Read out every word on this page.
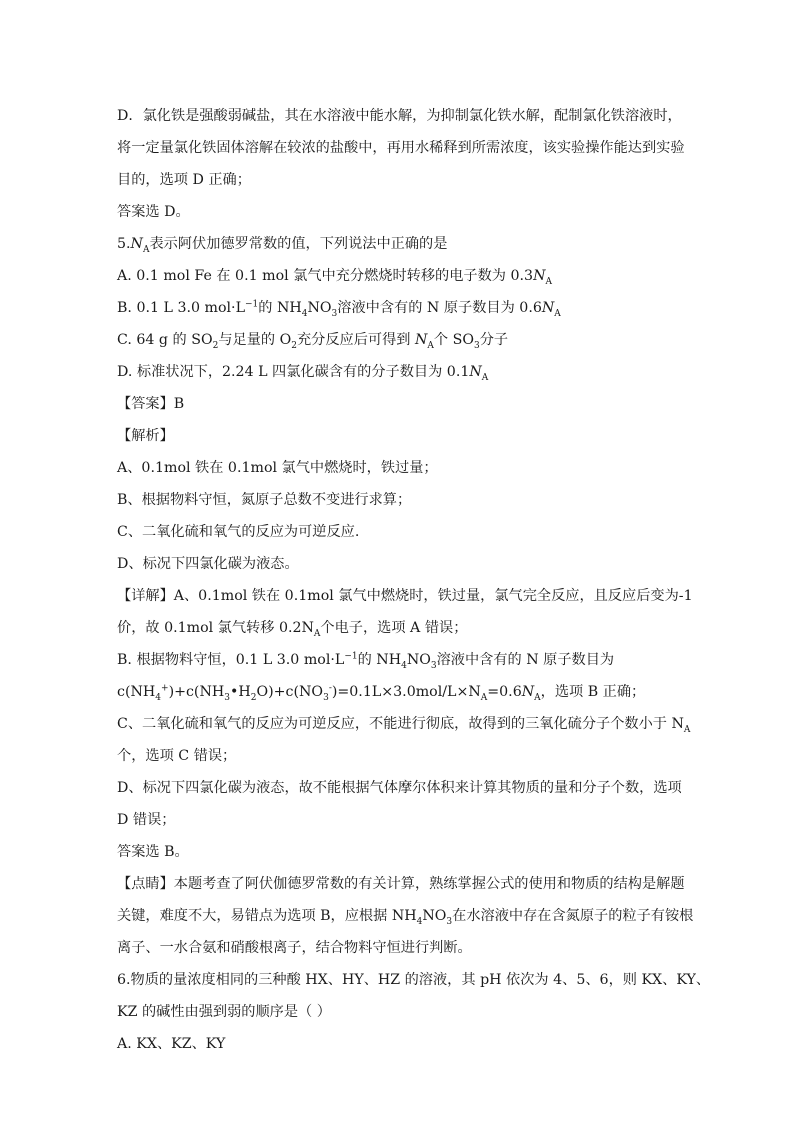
D．氯化铁是强酸弱碱盐，其在水溶液中能水解，为抑制氯化铁水解，配制氯化铁溶液时，
将一定量氯化铁固体溶解在较浓的盐酸中，再用水稀释到所需浓度，该实验操作能达到实验
目的，选项 D 正确；
答案选 D。
$5.N_A$表示阿伏加德罗常数的值，下列说法中正确的是
A. 0.1 mol Fe 在 0.1 mol 氯气中充分燃烧时转移的电子数为 $0.3N_A$
B. 0.1 L 3.0 $mol\cdot L^{-1}$的 $NH_4NO_3$溶液中含有的 N 原子数目为 $0.6N_A$
C. 64 g 的 $SO_2$与足量的 $O_2$充分反应后可得到 $N_A$个 $SO_3$分子
D. 标准状况下，2.24 L 四氯化碳含有的分子数目为 $0.1N_A$
【答案】B
【解析】
A、0.1mol 铁在 0.1mol 氯气中燃烧时，铁过量；
B、根据物料守恒，氮原子总数不变进行求算；
C、二氧化硫和氧气的反应为可逆反应.
D、标况下四氯化碳为液态。
【详解】A、0.1mol 铁在 0.1mol 氯气中燃烧时，铁过量，氯气完全反应，且反应后变为-1
价，故 0.1mol 氯气转移 $0.2N_A$个电子，选项 A 错误；
B. 根据物料守恒，0.1 L 3.0 $mol\cdot L^{-1}$的 $NH_4NO_3$溶液中含有的 N 原子数目为
$c(NH_4^+)+c(NH_3•H_2O)+c(NO_3^-)=0.1L\times 3.0mol/L\times N_A=0.6N_A$，选项 B 正确；
C、二氧化硫和氧气的反应为可逆反应，不能进行彻底，故得到的三氧化硫分子个数小于 $N_A$
个，选项 C 错误；
D、标况下四氯化碳为液态，故不能根据气体摩尔体积来计算其物质的量和分子个数，选项
D 错误；
答案选 B。
【点睛】本题考查了阿伏伽德罗常数的有关计算，熟练掌握公式的使用和物质的结构是解题
关键，难度不大，易错点为选项 B，应根据 $NH_4NO_3$在水溶液中存在含氮原子的粒子有铵根
离子、一水合氨和硝酸根离子，结合物料守恒进行判断。
6.物质的量浓度相同的三种酸 HX、HY、HZ 的溶液，其 pH 依次为 4、5、6，则 KX、KY、
KZ 的碱性由强到弱的顺序是（ ）
A. KX、KZ、KY
